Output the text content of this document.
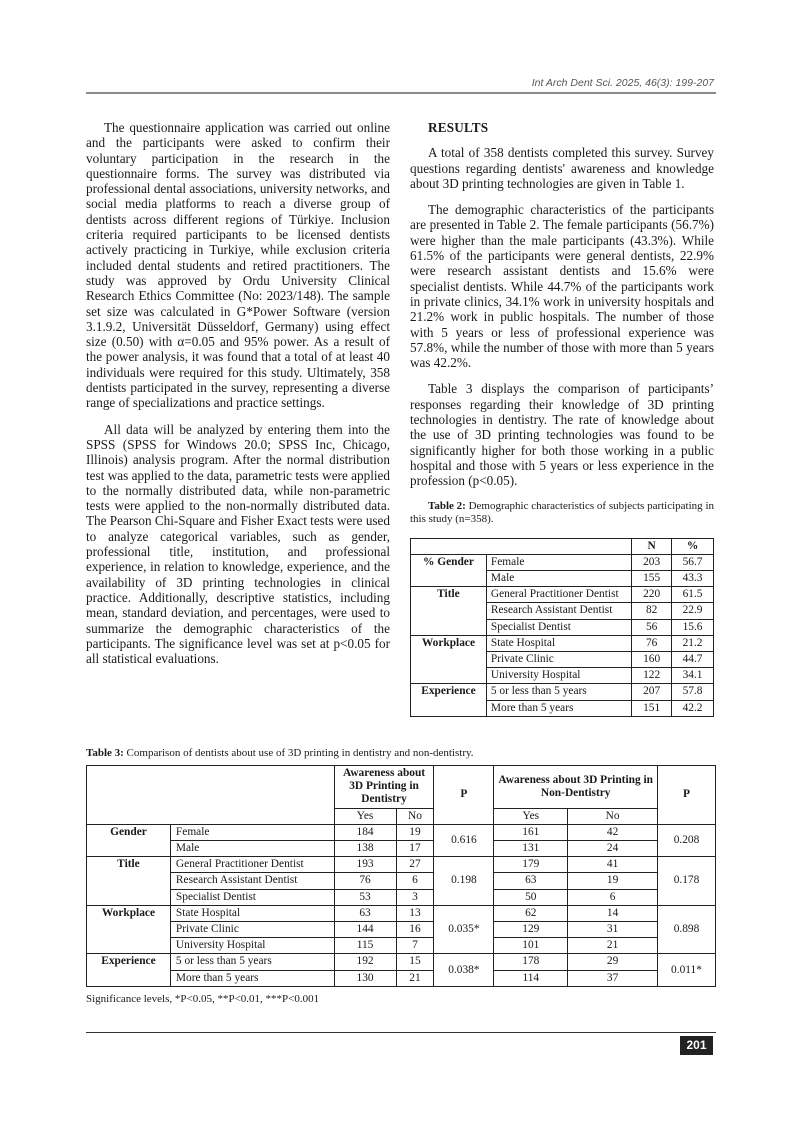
Int Arch Dent Sci. 2025, 46(3): 199-207

The questionnaire application was carried out online and the participants were asked to confirm their voluntary participation in the research in the questionnaire forms. The survey was distributed via professional dental associations, university networks, and social media platforms to reach a diverse group of dentists across different regions of Türkiye. Inclusion criteria required participants to be licensed dentists actively practicing in Turkiye, while exclusion criteria included dental students and retired practitioners. The study was approved by Ordu University Clinical Research Ethics Committee (No: 2023/148). The sample set size was calculated in G*Power Software (version 3.1.9.2, Universität Düsseldorf, Germany) using effect size (0.50) with α=0.05 and 95% power. As a result of the power analysis, it was found that a total of at least 40 individuals were required for this study. Ultimately, 358 dentists participated in the survey, representing a diverse range of specializations and practice settings.

All data will be analyzed by entering them into the SPSS (SPSS for Windows 20.0; SPSS Inc, Chicago, Illinois) analysis program. After the normal distribution test was applied to the data, parametric tests were applied to the normally distributed data, while non-parametric tests were applied to the non-normally distributed data. The Pearson Chi-Square and Fisher Exact tests were used to analyze categorical variables, such as gender, professional title, institution, and professional experience, in relation to knowledge, experience, and the availability of 3D printing technologies in clinical practice. Additionally, descriptive statistics, including mean, standard deviation, and percentages, were used to summarize the demographic characteristics of the participants. The significance level was set at p<0.05 for all statistical evaluations.

RESULTS

A total of 358 dentists completed this survey. Survey questions regarding dentists' awareness and knowledge about 3D printing technologies are given in Table 1.

The demographic characteristics of the participants are presented in Table 2. The female participants (56.7%) were higher than the male participants (43.3%). While 61.5% of the participants were general dentists, 22.9% were research assistant dentists and 15.6% were specialist dentists. While 44.7% of the participants work in private clinics, 34.1% work in university hospitals and 21.2% work in public hospitals. The number of those with 5 years or less of professional experience was 57.8%, while the number of those with more than 5 years was 42.2%.

Table 3 displays the comparison of participants’ responses regarding their knowledge of 3D printing technologies in dentistry. The rate of knowledge about the use of 3D printing technologies was found to be significantly higher for both those working in a public hospital and those with 5 years or less experience in the profession (p<0.05).

Table 2: Demographic characteristics of subjects participating in this study (n=358).

		N	%
% Gender	Female	203	56.7
	Male	155	43.3
Title	General Practitioner Dentist	220	61.5
	Research Assistant Dentist	82	22.9
	Specialist Dentist	56	15.6
Workplace	State Hospital	76	21.2
	Private Clinic	160	44.7
	University Hospital	122	34.1
Experience	5 or less than 5 years	207	57.8
	More than 5 years	151	42.2
Table 3: Comparison of dentists about use of 3D printing in dentistry and non-dentistry.
		Awareness about 3D Printing in Dentistry		P	Awareness about 3D Printing in Non-Dentistry		P
		Yes	No		Yes	No	
Gender	Female	184	19	0.616	161	42	0.208
	Male	138	17		131	24	
Title	General Practitioner Dentist	193	27	0.198	179	41	0.178
	Research Assistant Dentist	76	6		63	19	
	Specialist Dentist	53	3		50	6	
Workplace	State Hospital	63	13	0.035*	62	14	0.898
	Private Clinic	144	16		129	31	
	University Hospital	115	7		101	21	
Experience	5 or less than 5 years	192	15	0.038*	178	29	0.011*
	More than 5 years	130	21		114	37	
Significance levels, *P<0.05, **P<0.01, ***P<0.001
201
